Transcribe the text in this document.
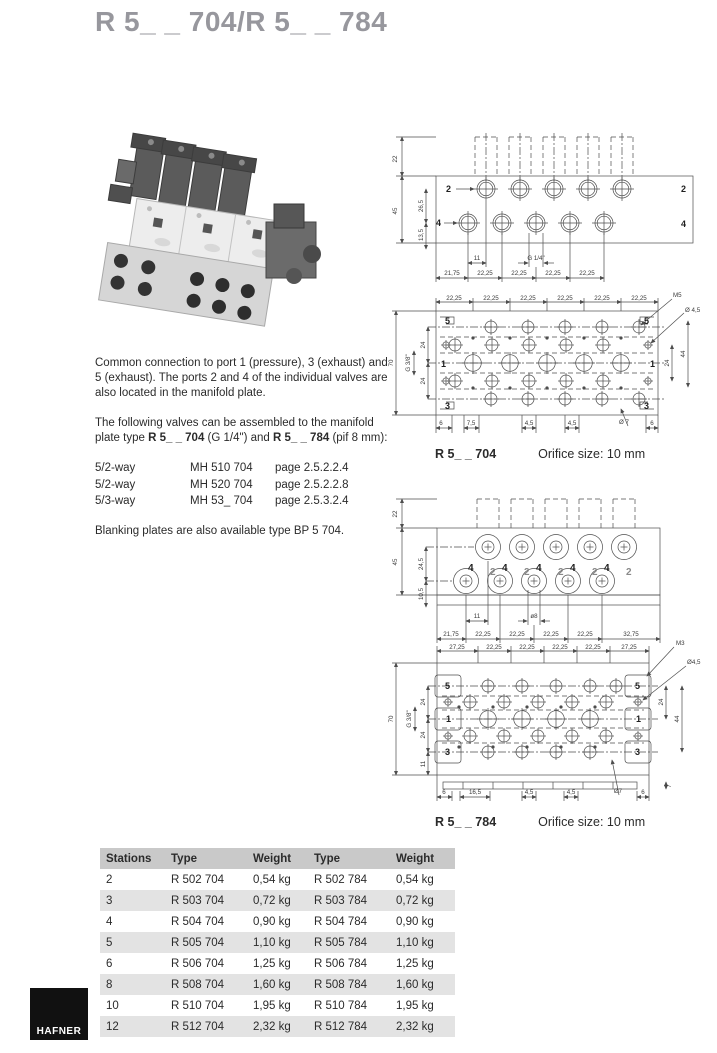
R 5_ _ 704/R 5_ _ 784

Common connection to port 1 (pressure), 3 (exhaust) and 5 (exhaust). The ports 2 and 4 of the individual valves are also located in the manifold plate.

The following valves can be assembled to the manifold plate type R 5_ _ 704 (G 1/4") and R 5_ _ 784 (pif 8 mm):

5/2-way	MH 510 704	page 2.5.2.2.4
5/2-way	MH 520 704	page 2.5.2.2.8
5/3-way	MH 53_ 704	page 2.5.3.2.4

Blanking plates are also available type BP 5 704.

2	2
4	4
22
45	26,5
13,5
11	G 1/4"
21,75	22,25	22,25	22,25	22,25
22,25	22,25	22,25	22,25	22,25	22,25
70 G 3/8"
24
24
24
44
M5
Ø 4,5
5
1
3
5
1
3
6	7,5	4,5	4,5	Ø 7	6
R 5_ _ 704	Orifice size: 10 mm
4 2 4 2 4 2 4 2 4 2
22
45	24,5
10,5
11	ø8
21,75	22,25	22,25	22,25	22,25	32,75
27,25	22,25	22,25	22,25	22,25	27,25
70 G 3/8"
24
24
11
24
44
7
M3
Ø4,5
5
1
3
5
1
3
6	16,5	4,5	4,5	Ø7	6
R 5_ _ 784	Orifice size: 10 mm
Stations	Type	Weight	Type	Weight
2	R 502 704	0,54 kg	R 502 784	0,54 kg
3	R 503 704	0,72 kg	R 503 784	0,72 kg
4	R 504 704	0,90 kg	R 504 784	0,90 kg
5	R 505 704	1,10 kg	R 505 784	1,10 kg
6	R 506 704	1,25 kg	R 506 784	1,25 kg
8	R 508 704	1,60 kg	R 508 784	1,60 kg
10	R 510 704	1,95 kg	R 510 784	1,95 kg
12	R 512 704	2,32 kg	R 512 784	2,32 kg
HAFNER
